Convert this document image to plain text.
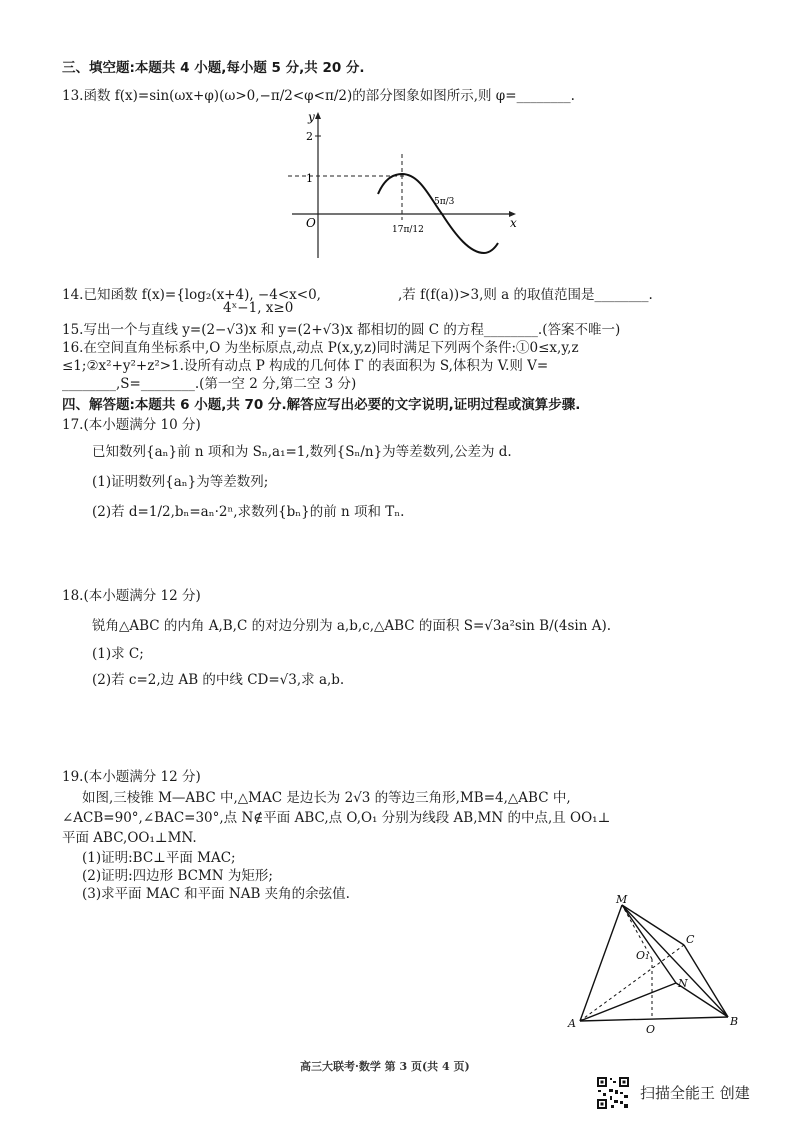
三、填空题:本题共 4 小题,每小题 5 分,共 20 分.
13.函数 f(x)=sin(ωx+φ)(ω>0,−π/2<φ<π/2)的部分图象如图所示,则 φ=________.
y
2
1
O	x
17π/12
5π/3
14.已知函数 f(x)={log₂(x+4), −4<x<0,
4ˣ−1, x≥0
,若 f(f(a))>3,则 a 的取值范围是________.
15.写出一个与直线 y=(2−√3)x 和 y=(2+√3)x 都相切的圆 C 的方程________.(答案不唯一)
16.在空间直角坐标系中,O 为坐标原点,动点 P(x,y,z)同时满足下列两个条件:①0≤x,y,z
≤1;②x²+y²+z²>1.设所有动点 P 构成的几何体 Γ 的表面积为 S,体积为 V.则 V=
________,S=________.(第一空 2 分,第二空 3 分)
四、解答题:本题共 6 小题,共 70 分.解答应写出必要的文字说明,证明过程或演算步骤.
17.(本小题满分 10 分)
已知数列{aₙ}前 n 项和为 Sₙ,a₁=1,数列{Sₙ/n}为等差数列,公差为 d.
(1)证明数列{aₙ}为等差数列;
(2)若 d=1/2,bₙ=aₙ·2ⁿ,求数列{bₙ}的前 n 项和 Tₙ.
18.(本小题满分 12 分)
锐角△ABC 的内角 A,B,C 的对边分别为 a,b,c,△ABC 的面积 S=√3a²sin B/(4sin A).
(1)求 C;
(2)若 c=2,边 AB 的中线 CD=√3,求 a,b.
19.(本小题满分 12 分)
如图,三棱锥 M—ABC 中,△MAC 是边长为 2√3 的等边三角形,MB=4,△ABC 中,
∠ACB=90°,∠BAC=30°,点 N∉平面 ABC,点 O,O₁ 分别为线段 AB,MN 的中点,且 OO₁⊥
平面 ABC,OO₁⊥MN.
(1)证明:BC⊥平面 MAC;
(2)证明:四边形 BCMN 为矩形;
(3)求平面 MAC 和平面 NAB 夹角的余弦值.	M
A	B
C
O
O₁
N
高三大联考·数学 第 3 页(共 4 页)
扫描全能王 创建
